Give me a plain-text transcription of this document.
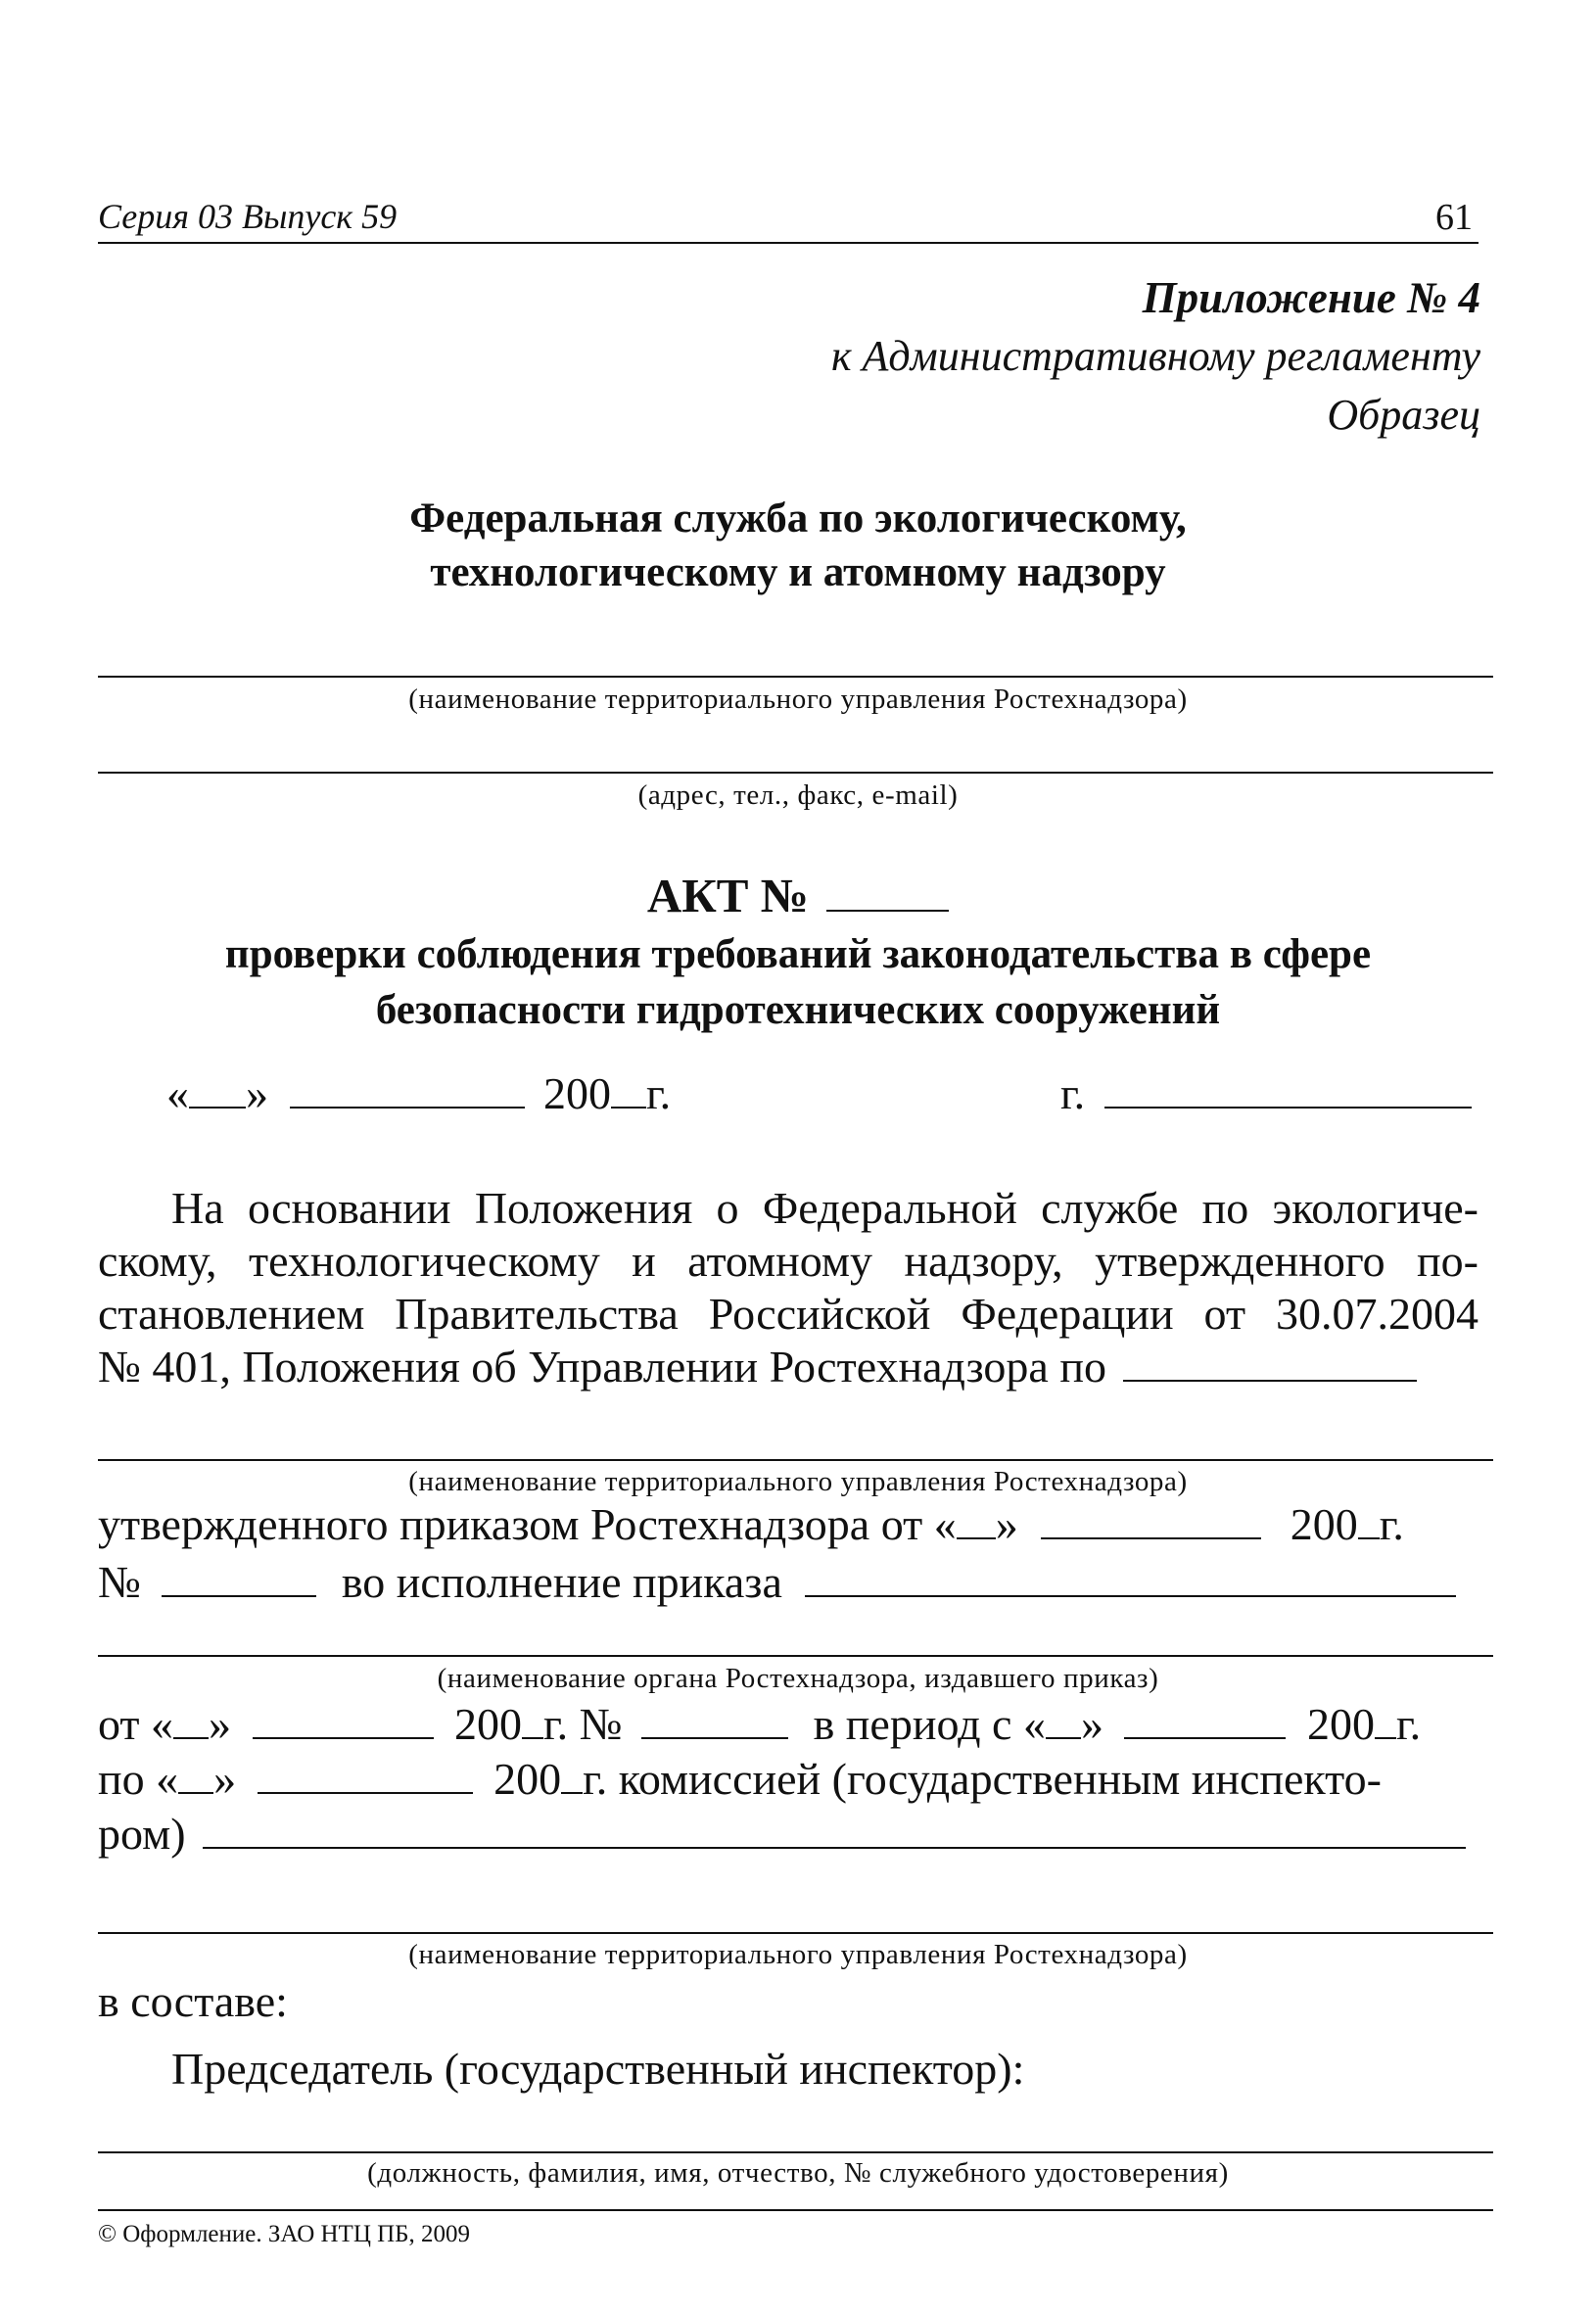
Серия 03 Выпуск 59	61
Приложение № 4
к Административному регламенту
Образец
Федеральная служба по экологическому,
технологическому и атомному надзору
(наименование территориального управления Ростехнадзора)
(адрес, тел., факс, e-mail)
АКТ №
проверки соблюдения требований законодательства в сфере
безопасности гидротехнических сооружений
« »	200 г.	г.
На основании Положения о Федеральной службе по экологиче-
скому, технологическому и атомному надзору, утвержденного по-
становлением Правительства Российской Федерации от 30.07.2004
№ 401, Положения об Управлении Ростехнадзора по
(наименование территориального управления Ростехнадзора)
утвержденного приказом Ростехнадзора от « »	200 г.
№	во исполнение приказа
(наименование органа Ростехнадзора, издавшего приказ)
от « »	200 г. №	в период с « »	200 г.
по « »	200 г. комиссией (государственным инспекто-
ром)
(наименование территориального управления Ростехнадзора)
в составе:
Председатель (государственный инспектор):
(должность, фамилия, имя, отчество, № служебного удостоверения)
© Оформление. ЗАО НТЦ ПБ, 2009
